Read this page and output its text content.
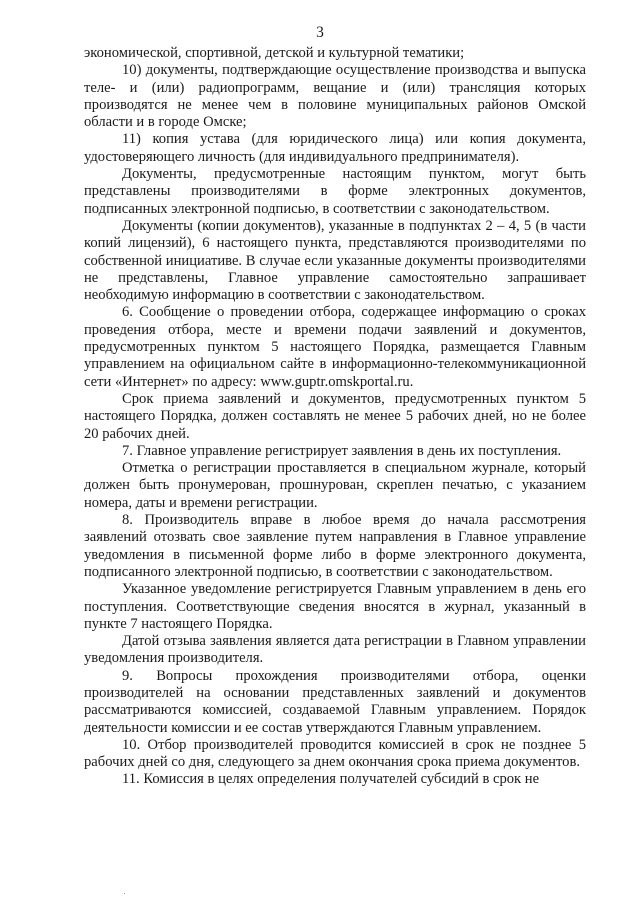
3

экономической, спортивной, детской и культурной тематики;

10) документы, подтверждающие осуществление производства и выпуска теле- и (или) радиопрограмм, вещание и (или) трансляция которых производятся не менее чем в половине муниципальных районов Омской области и в городе Омске;

11) копия устава (для юридического лица) или копия документа, удостоверяющего личность (для индивидуального предпринимателя).

Документы, предусмотренные настоящим пунктом, могут быть представлены производителями в форме электронных документов, подписанных электронной подписью, в соответствии с законодательством.

Документы (копии документов), указанные в подпунктах 2 – 4, 5 (в части копий лицензий), 6 настоящего пункта, представляются производителями по собственной инициативе. В случае если указанные документы производителями не представлены, Главное управление самостоятельно запрашивает необходимую информацию в соответствии с законодательством.

6. Сообщение о проведении отбора, содержащее информацию о сроках проведения отбора, месте и времени подачи заявлений и документов, предусмотренных пунктом 5 настоящего Порядка, размещается Главным управлением на официальном сайте в информационно-телекоммуникационной сети «Интернет» по адресу: www.guptr.omskportal.ru.

Срок приема заявлений и документов, предусмотренных пунктом 5 настоящего Порядка, должен составлять не менее 5 рабочих дней, но не более 20 рабочих дней.

7. Главное управление регистрирует заявления в день их поступления.

Отметка о регистрации проставляется в специальном журнале, который должен быть пронумерован, прошнурован, скреплен печатью, с указанием номера, даты и времени регистрации.

8. Производитель вправе в любое время до начала рассмотрения заявлений отозвать свое заявление путем направления в Главное управление уведомления в письменной форме либо в форме электронного документа, подписанного электронной подписью, в соответствии с законодательством.

Указанное уведомление регистрируется Главным управлением в день его поступления. Соответствующие сведения вносятся в журнал, указанный в пункте 7 настоящего Порядка.

Датой отзыва заявления является дата регистрации в Главном управлении уведомления производителя.

9. Вопросы прохождения производителями отбора, оценки производителей на основании представленных заявлений и документов рассматриваются комиссией, создаваемой Главным управлением. Порядок деятельности комиссии и ее состав утверждаются Главным управлением.

10. Отбор производителей проводится комиссией в срок не позднее 5 рабочих дней со дня, следующего за днем окончания срока приема документов.

11. Комиссия в целях определения получателей субсидий в срок не
